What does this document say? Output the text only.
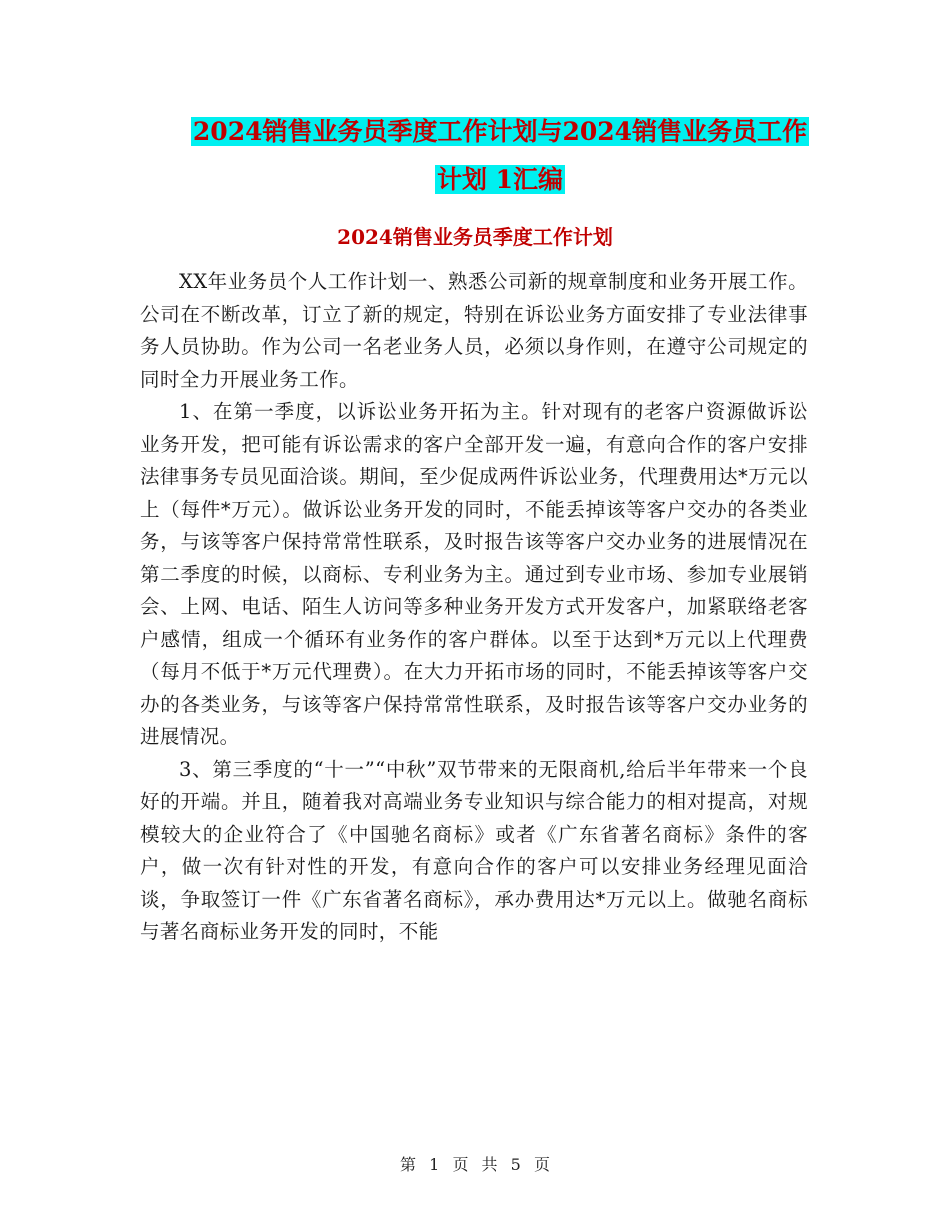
2024销售业务员季度工作计划与2024销售业务员工作
计划 1汇编
2024销售业务员季度工作计划

XX年业务员个人工作计划一、熟悉公司新的规章制度和业务开展工作。公司在不断改革，订立了新的规定，特别在诉讼业务方面安排了专业法律事务人员协助。作为公司一名老业务人员，必须以身作则，在遵守公司规定的同时全力开展业务工作。

1、在第一季度，以诉讼业务开拓为主。针对现有的老客户资源做诉讼业务开发，把可能有诉讼需求的客户全部开发一遍，有意向合作的客户安排法律事务专员见面洽谈。期间，至少促成两件诉讼业务，代理费用达*万元以上（每件*万元）。做诉讼业务开发的同时，不能丢掉该等客户交办的各类业务，与该等客户保持常常性联系，及时报告该等客户交办业务的进展情况在第二季度的时候，以商标、专利业务为主。通过到专业市场、参加专业展销会、上网、电话、陌生人访问等多种业务开发方式开发客户，加紧联络老客户感情，组成一个循环有业务作的客户群体。以至于达到*万元以上代理费（每月不低于*万元代理费）。在大力开拓市场的同时，不能丢掉该等客户交办的各类业务，与该等客户保持常常性联系，及时报告该等客户交办业务的进展情况。

3、第三季度的“十一”“中秋”双节带来的无限商机,给后半年带来一个良好的开端。并且，随着我对高端业务专业知识与综合能力的相对提高，对规模较大的企业符合了《中国驰名商标》或者《广东省著名商标》条件的客户，做一次有针对性的开发，有意向合作的客户可以安排业务经理见面洽谈，争取签订一件《广东省著名商标》，承办费用达*万元以上。做驰名商标与著名商标业务开发的同时，不能

第 1 页 共 5 页
